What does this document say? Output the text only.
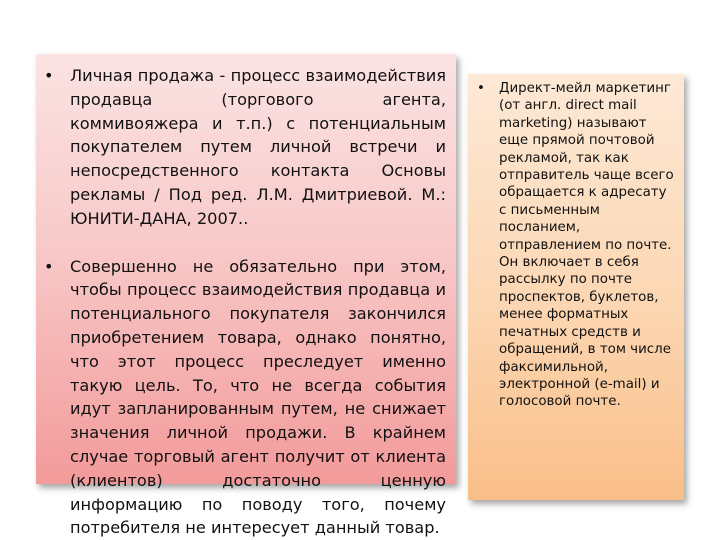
• Личная продажа - процесс взаимодействия продавца (торгового агента, коммивояжера и т.п.) с потенциальным покупателем путем личной встречи и непосредственного контакта Основы рекламы / Под ред. Л.М. Дмитриевой. М.: ЮНИТИ-ДАНА, 2007..
• Совершенно не обязательно при этом, чтобы процесс взаимодействия продавца и потенциального покупателя закончился приобретением товара, однако понятно, что этот процесс преследует именно такую цель. То, что не всегда события идут запланированным путем, не снижает значения личной продажи. В крайнем случае торговый агент получит от клиента (клиентов) достаточно ценную информацию по поводу того, почему потребителя не интересует данный товар.
• Директ-мейл маркетинг (от англ. direct mail marketing) называют еще прямой почтовой рекламой, так как отправитель чаще всего обращается к адресату с письменным посланием, отправлением по почте. Он включает в себя рассылку по почте проспектов, буклетов, менее форматных печатных средств и обращений, в том числе факсимильной, электронной (e-mail) и голосовой почте.
